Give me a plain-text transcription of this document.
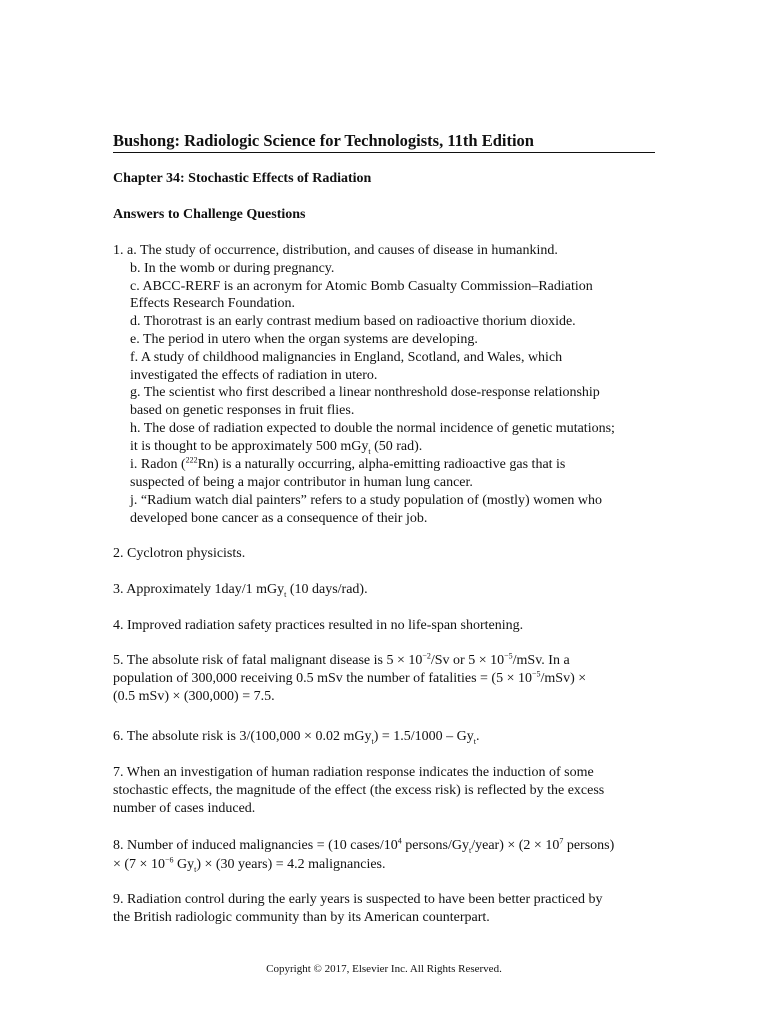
Bushong: Radiologic Science for Technologists, 11th Edition
Chapter 34: Stochastic Effects of Radiation
Answers to Challenge Questions
1. a. The study of occurrence, distribution, and causes of disease in humankind.
b. In the womb or during pregnancy.
c. ABCC-RERF is an acronym for Atomic Bomb Casualty Commission–Radiation
Effects Research Foundation.
d. Thorotrast is an early contrast medium based on radioactive thorium dioxide.
e. The period in utero when the organ systems are developing.
f. A study of childhood malignancies in England, Scotland, and Wales, which
investigated the effects of radiation in utero.
g. The scientist who first described a linear nonthreshold dose-response relationship
based on genetic responses in fruit flies.
h. The dose of radiation expected to double the normal incidence of genetic mutations;
it is thought to be approximately 500 mGy$_t$ (50 rad).
i. Radon ($^{222}$Rn) is a naturally occurring, alpha-emitting radioactive gas that is
suspected of being a major contributor in human lung cancer.
j. “Radium watch dial painters” refers to a study population of (mostly) women who
developed bone cancer as a consequence of their job.
2. Cyclotron physicists.
3. Approximately 1day/1 mGy$_t$ (10 days/rad).
4. Improved radiation safety practices resulted in no life-span shortening.
5. The absolute risk of fatal malignant disease is $5 \times 10^{-2}/Sv$ or $5 \times 10^{-5}$/mSv. In a
population of 300,000 receiving 0.5 mSv the number of fatalities = $(5 \times 10^{-5}/mSv)$ ×
(0.5 mSv) × (300,000) = 7.5.
6. The absolute risk is 3/(100,000 × 0.02 $mGy_t) = 1.5/1000 - Gy_t$.
7. When an investigation of human radiation response indicates the induction of some
stochastic effects, the magnitude of the effect (the excess risk) is reflected by the excess
number of cases induced.
8. Number of induced malignancies = (10 cases/$10^4$ persons/$Gy_t/year) \times (2 \times 10^7$ persons)
× ($7 \times 10^{-6}$ $Gy_t) \times (30$ years) = 4.2 malignancies.
9. Radiation control during the early years is suspected to have been better practiced by
the British radiologic community than by its American counterpart.
Copyright © 2017, Elsevier Inc. All Rights Reserved.
